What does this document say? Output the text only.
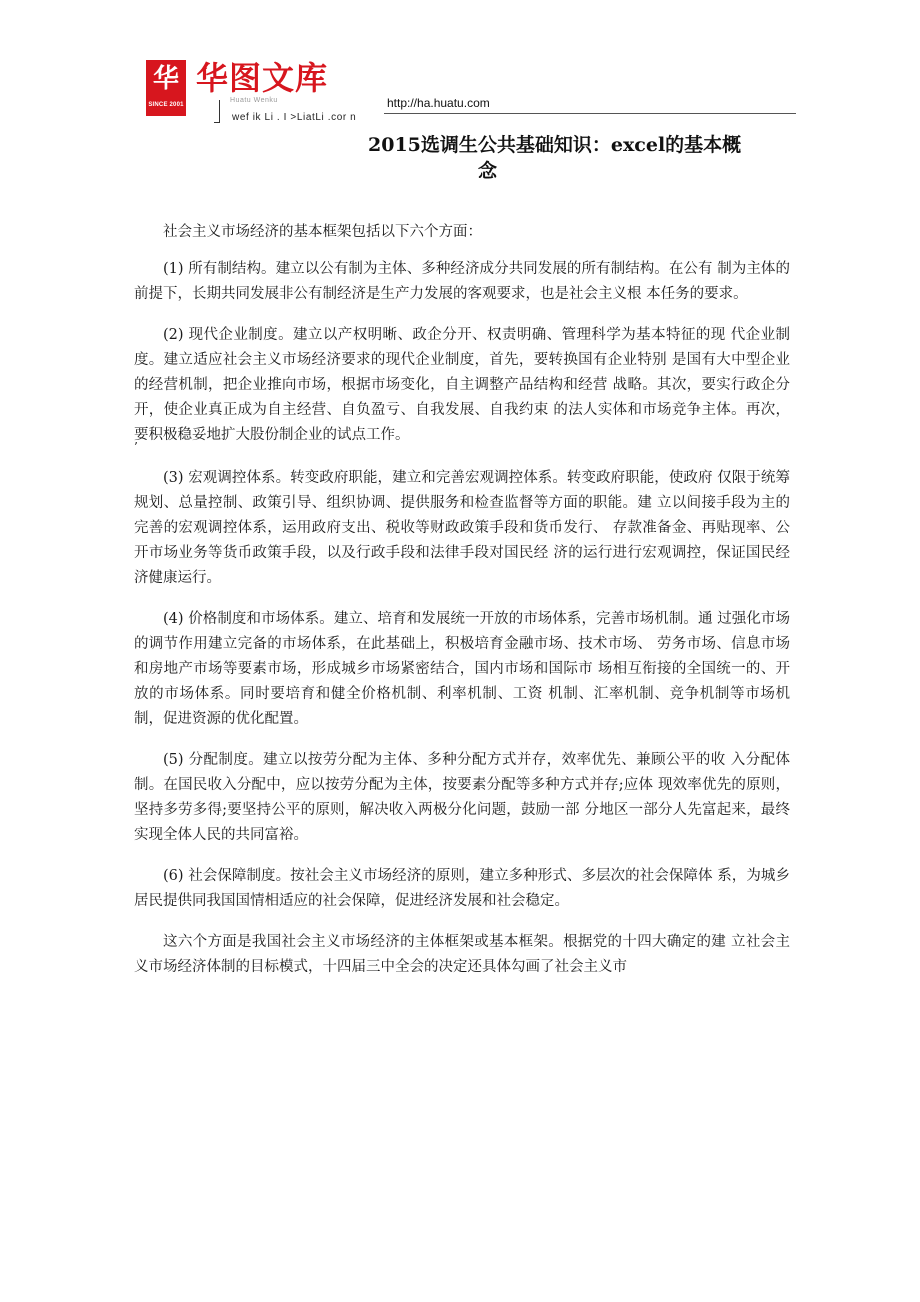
华
SINCE 2001
华图文库
Huatu Wenku
wef ik Li . I >LiatLi .cor n
http://ha.huatu.com
2015选调生公共基础知识：excel的基本概
念

社会主义市场经济的基本框架包括以下六个方面：

(1) 所有制结构。建立以公有制为主体、多种经济成分共同发展的所有制结构。在公有 制为主体的前提下，长期共同发展非公有制经济是生产力发展的客观要求，也是社会主义根 本任务的要求。

(2) 现代企业制度。建立以产权明晰、政企分开、权责明确、管理科学为基本特征的现 代企业制度。建立适应社会主义市场经济要求的现代企业制度，首先，要转换国有企业特别 是国有大中型企业的经营机制，把企业推向市场，根据市场变化，自主调整产品结构和经营 战略。其次，要实行政企分开，使企业真正成为自主经营、自负盈亏、自我发展、自我约束 的法人实体和市场竞争主体。再次，要积极稳妥地扩大股份制企业的试点工作。

’

(3) 宏观调控体系。转变政府职能，建立和完善宏观调控体系。转变政府职能，使政府 仅限于统筹规划、总量控制、政策引导、组织协调、提供服务和检查监督等方面的职能。建 立以间接手段为主的完善的宏观调控体系，运用政府支出、税收等财政政策手段和货币发行、 存款准备金、再贴现率、公开市场业务等货币政策手段，以及行政手段和法律手段对国民经 济的运行进行宏观调控，保证国民经济健康运行。

(4) 价格制度和市场体系。建立、培育和发展统一开放的市场体系，完善市场机制。通 过强化市场的调节作用建立完备的市场体系，在此基础上，积极培育金融市场、技术市场、 劳务市场、信息市场和房地产市场等要素市场，形成城乡市场紧密结合，国内市场和国际市 场相互衔接的全国统一的、开放的市场体系。同时要培育和健全价格机制、利率机制、工资 机制、汇率机制、竞争机制等市场机制，促进资源的优化配置。

(5) 分配制度。建立以按劳分配为主体、多种分配方式并存，效率优先、兼顾公平的收 入分配体制。在国民收入分配中，应以按劳分配为主体，按要素分配等多种方式并存;应体 现效率优先的原则，坚持多劳多得;要坚持公平的原则，解决收入两极分化问题，鼓励一部 分地区一部分人先富起来，最终实现全体人民的共同富裕。

(6) 社会保障制度。按社会主义市场经济的原则，建立多种形式、多层次的社会保障体 系，为城乡居民提供同我国国情相适应的社会保障，促进经济发展和社会稳定。

这六个方面是我国社会主义市场经济的主体框架或基本框架。根据党的十四大确定的建 立社会主义市场经济体制的目标模式，十四届三中全会的决定还具体勾画了社会主义市
